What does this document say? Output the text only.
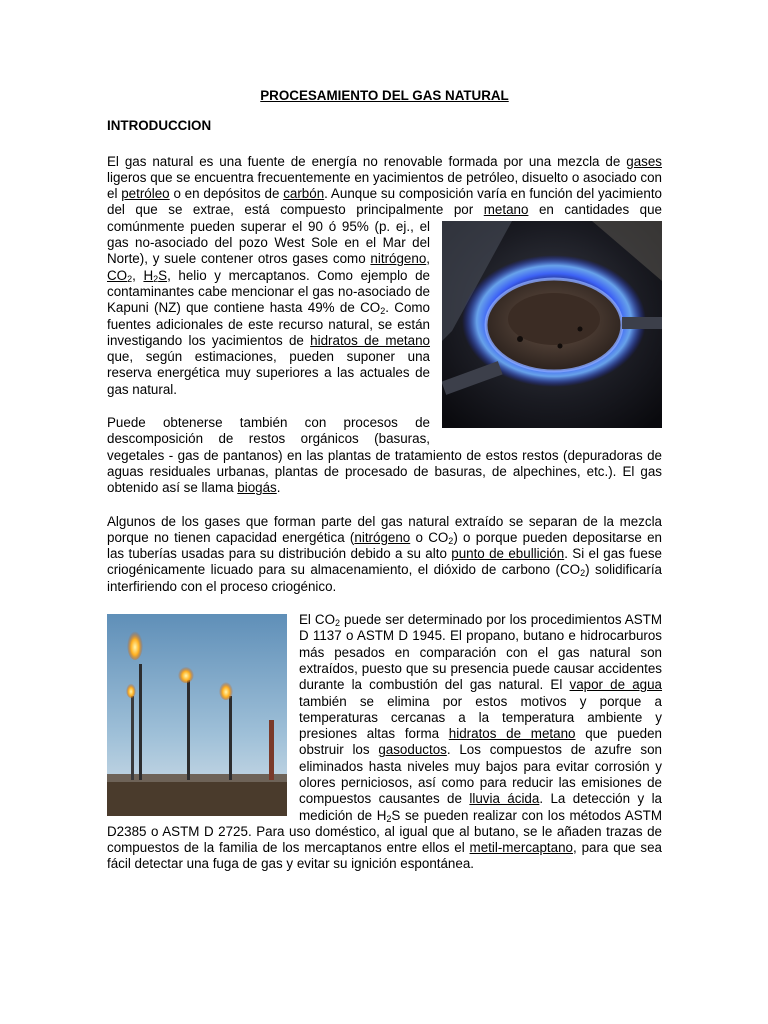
PROCESAMIENTO DEL GAS NATURAL
INTRODUCCION

El gas natural es una fuente de energía no renovable formada por una mezcla de gases ligeros que se encuentra frecuentemente en yacimientos de petróleo, disuelto o asociado con el petróleo o en depósitos de carbón. Aunque su composición varía en función del yacimiento del que se extrae, está compuesto principalmente por metano
en cantidades que comúnmente pueden superar el 90 ó 95% (p. ej., el gas no-asociado del pozo West Sole en el Mar del Norte), y suele contener otros gases como nitrógeno, $CO_2$, $H_2S$, helio y mercaptanos. Como ejemplo de contaminantes cabe mencionar el gas no-asociado de Kapuni (NZ) que contiene hasta 49% de $CO_2$. Como fuentes adicionales de este recurso natural, se están investigando los yacimientos de hidratos de metano que, según estimaciones, pueden suponer una reserva energética muy superiores a las actuales de gas natural.

Puede obtenerse también con procesos de descomposición de restos orgánicos (basuras, vegetales - gas de pantanos) en las plantas de tratamiento de estos restos (depuradoras de aguas residuales urbanas, plantas de procesado de basuras, de alpechines, etc.). El gas obtenido así se llama biogás.

Algunos de los gases que forman parte del gas natural extraído se separan de la mezcla porque no tienen capacidad energética (nitrógeno o $CO_2$) o porque pueden depositarse en las tuberías usadas para su distribución debido a su alto punto de ebullición. Si el gas fuese criogénicamente licuado para su almacenamiento, el dióxido de carbono $(CO_2)$ solidificaría interfiriendo con el proceso criogénico.

El $CO_2$ puede ser determinado por los procedimientos ASTM D 1137 o ASTM D 1945. El propano, butano e hidrocarburos más pesados en comparación con el gas natural son extraídos, puesto que su presencia puede causar accidentes durante la combustión del gas natural. El vapor de agua también se elimina por estos motivos y porque a temperaturas cercanas a la temperatura ambiente y presiones altas forma hidratos de metano que pueden obstruir los gasoductos. Los compuestos de azufre son eliminados hasta niveles muy bajos para evitar corrosión y olores perniciosos, así como para reducir las emisiones de compuestos causantes de lluvia ácida. La detección y la medición de $H_2S$ se pueden realizar con los métodos ASTM D2385 o ASTM D 2725. Para uso doméstico, al igual que al butano, se le añaden trazas de compuestos de la familia de los mercaptanos entre ellos el metil-mercaptano, para que sea fácil detectar una fuga de gas y evitar su ignición espontánea.
